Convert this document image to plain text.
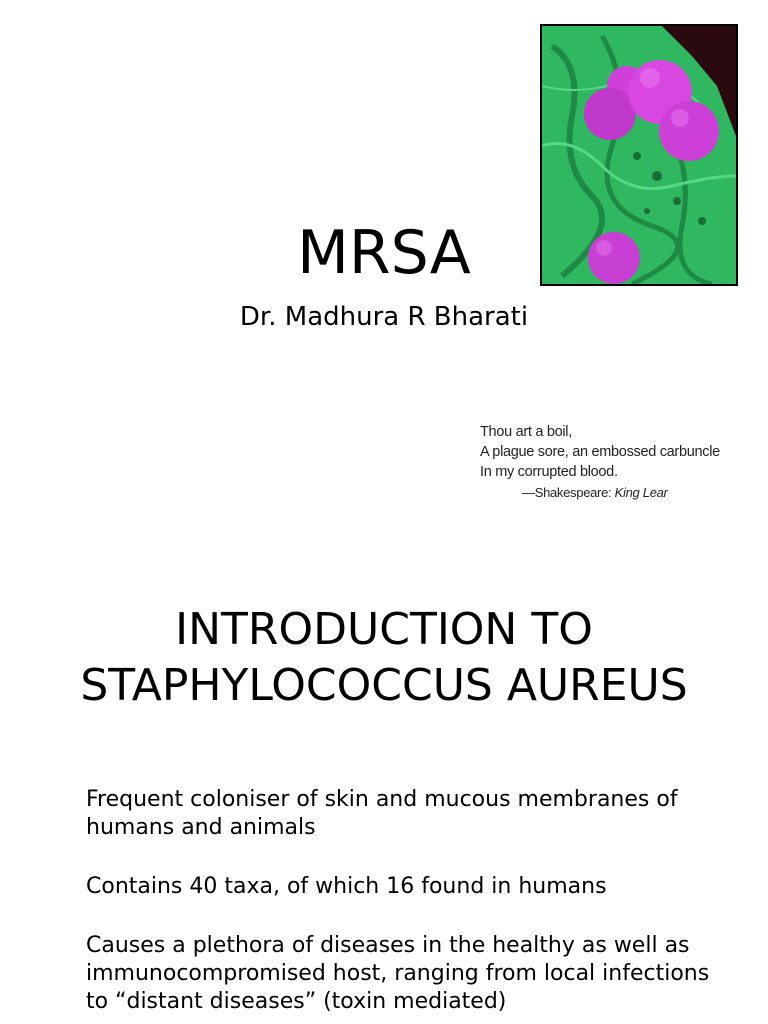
MRSA
Dr. Madhura R Bharati
Thou art a boil,
A plague sore, an embossed carbuncle
In my corrupted blood.
—Shakespeare: King Lear
INTRODUCTION TO
STAPHYLOCOCCUS AUREUS

Frequent coloniser of skin and mucous membranes of humans and animals

Contains 40 taxa, of which 16 found in humans

Causes a plethora of diseases in the healthy as well as immunocompromised host, ranging from local infections to “distant diseases” (toxin mediated)
